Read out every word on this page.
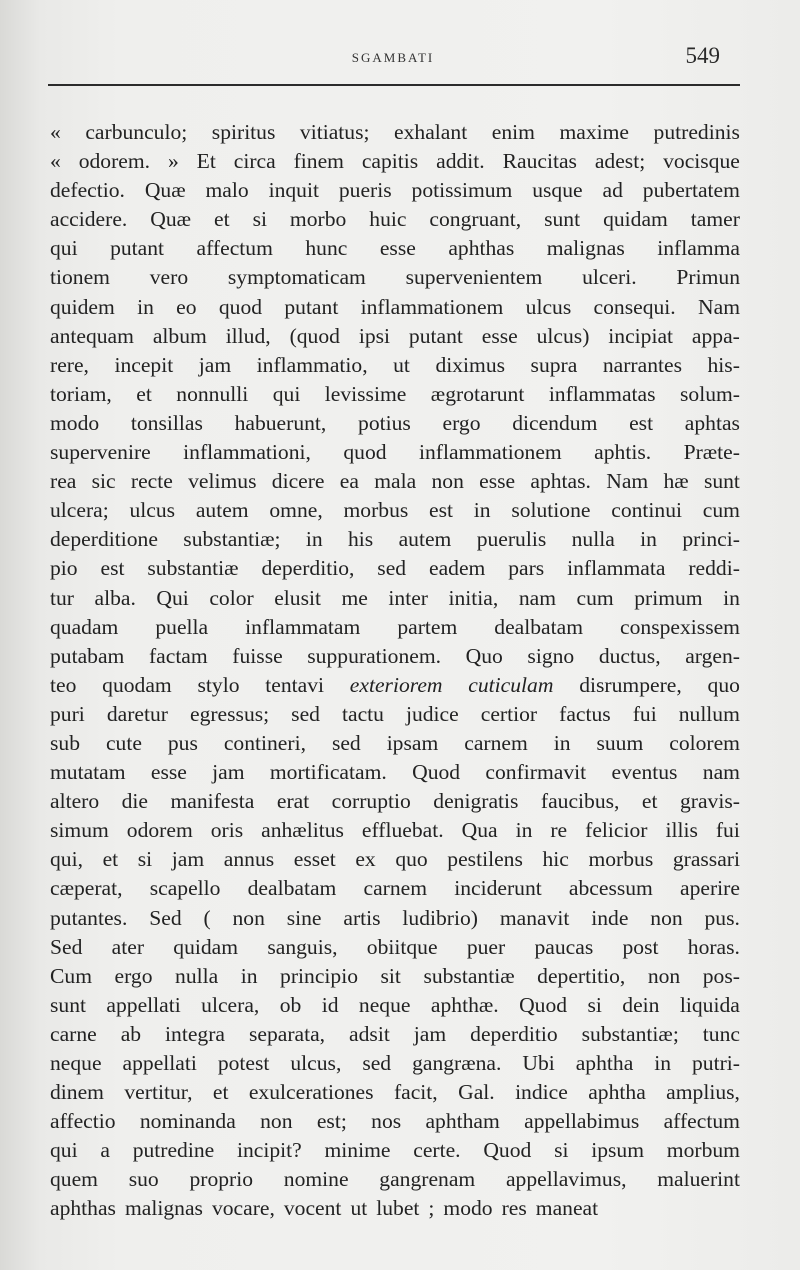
SGAMBATI	549
« carbunculo; spiritus vitiatus; exhalant enim maxime putredinis
« odorem. » Et circa finem capitis addit. Raucitas adest; vocisque
defectio. Quæ malo inquit pueris potissimum usque ad pubertatem
accidere. Quæ et si morbo huic congruant, sunt quidam tamer
qui putant affectum hunc esse aphthas malignas inflamma
tionem vero symptomaticam supervenientem ulceri. Primun
quidem in eo quod putant inflammationem ulcus consequi. Nam
antequam album illud, (quod ipsi putant esse ulcus) incipiat appa-
rere, incepit jam inflammatio, ut diximus supra narrantes his-
toriam, et nonnulli qui levissime ægrotarunt inflammatas solum-
modo tonsillas habuerunt, potius ergo dicendum est aphtas
supervenire inflammationi, quod inflammationem aphtis. Præte-
rea sic recte velimus dicere ea mala non esse aphtas. Nam hæ sunt
ulcera; ulcus autem omne, morbus est in solutione continui cum
deperditione substantiæ; in his autem puerulis nulla in princi-
pio est substantiæ deperditio, sed eadem pars inflammata reddi-
tur alba. Qui color elusit me inter initia, nam cum primum in
quadam puella inflammatam partem dealbatam conspexissem
putabam factam fuisse suppurationem. Quo signo ductus, argen-
teo quodam stylo tentavi exteriorem cuticulam disrumpere, quo
puri daretur egressus; sed tactu judice certior factus fui nullum
sub cute pus contineri, sed ipsam carnem in suum colorem
mutatam esse jam mortificatam. Quod confirmavit eventus nam
altero die manifesta erat corruptio denigratis faucibus, et gravis-
simum odorem oris anhælitus effluebat. Qua in re felicior illis fui
qui, et si jam annus esset ex quo pestilens hic morbus grassari
cæperat, scapello dealbatam carnem inciderunt abcessum aperire
putantes. Sed ( non sine artis ludibrio) manavit inde non pus.
Sed ater quidam sanguis, obiitque puer paucas post horas.
Cum ergo nulla in principio sit substantiæ depertitio, non pos-
sunt appellati ulcera, ob id neque aphthæ. Quod si dein liquida
carne ab integra separata, adsit jam deperditio substantiæ; tunc
neque appellati potest ulcus, sed gangræna. Ubi aphtha in putri-
dinem vertitur, et exulcerationes facit, Gal. indice aphtha amplius,
affectio nominanda non est; nos aphtham appellabimus affectum
qui a putredine incipit? minime certe. Quod si ipsum morbum
quem suo proprio nomine gangrenam appellavimus, maluerint
aphthas malignas vocare, vocent ut lubet ; modo res maneat
